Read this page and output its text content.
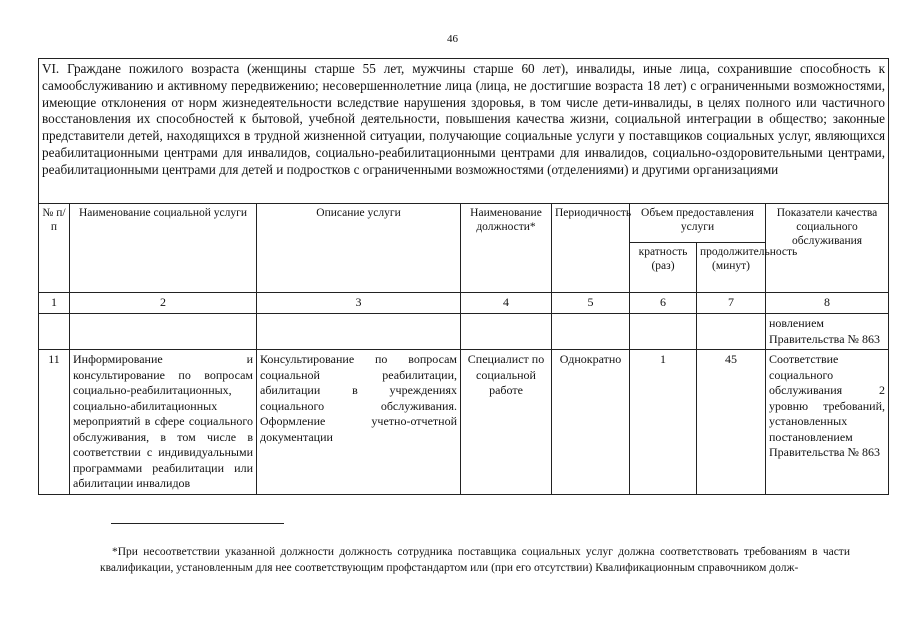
46
VI. Граждане пожилого возраста (женщины старше 55 лет, мужчины старше 60 лет), инвалиды, иные лица, сохранившие способность к самообслуживанию и активному передвижению; несовершеннолетние лица (лица, не достигшие возраста 18 лет) с ограниченными возможностями, имеющие отклонения от норм жизнедеятельности вследствие нарушения здоровья, в том числе дети-инвалиды, в целях полного или частичного восстановления их способностей к бытовой, учебной деятельности, повышения качества жизни, социальной интеграции в общество; законные представители детей, находящихся в трудной жизненной ситуации, получающие социальные услуги у поставщиков социальных услуг, являющихся реабилитационными центрами для инвалидов, социально-реабилитационными центрами для инвалидов, социально-оздоровительными центрами, реабилитационными центрами для детей и подростков с ограниченными возможностями (отделениями) и другими организациями							
№ п/п	Наименование социальной услуги	Описание услуги	Наименование должности*	Периодичность	Объем предоставления услуги		Показатели качества социального обслуживания
					кратность (раз)	продолжительность (минут)	
1	2	3	4	5	6	7	8
							новлением Правительства № 863
11	Информирование и консультирование по вопросам социально-реабилитационных, социально-абилитационных мероприятий в сфере социального обслуживания, в том числе в соответствии с индивидуальными программами реабилитации или абилитации инвалидов	Консультирование по вопросам социальной реабилитации, абилитации в учреждениях социального обслуживания. Оформление учетно-отчетной документации	Специалист по социальной работе	Однократно	1	45	Соответствие социального обслуживания 2 уровню требований, установленных постановлением Правительства № 863
*При несоответствии указанной должности должность сотрудника поставщика социальных услуг должна соответствовать требованиям в части квалификации, установленным для нее соответствующим профстандартом или (при его отсутствии) Квалификационным справочником долж-
